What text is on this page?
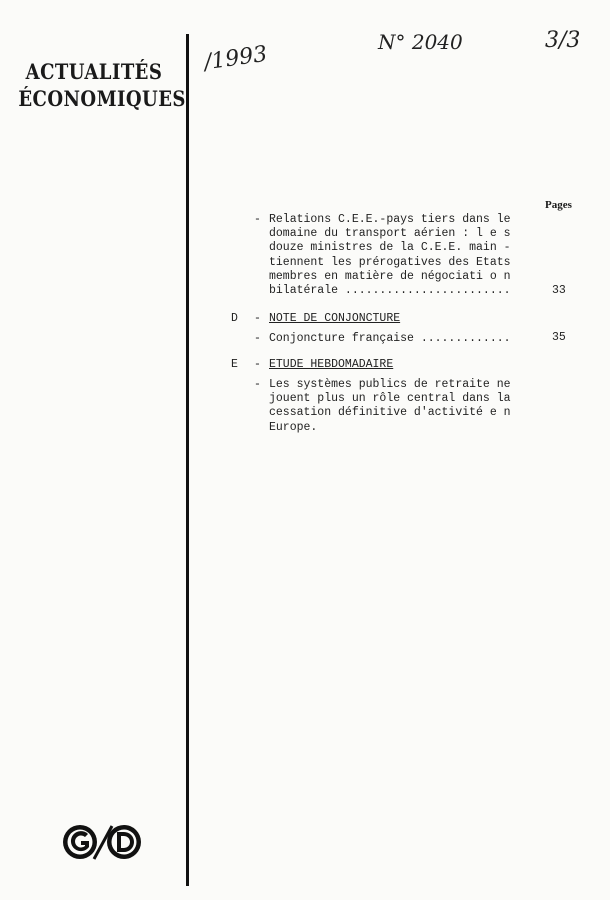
ACTUALITÉS
ÉCONOMIQUES
/1993	N° 2040	3/3
Pages
- Relations C.E.E.-pays tiers dans le
domaine du transport aérien : l e s
douze ministres de la C.E.E. main -
tiennent les prérogatives des Etats
membres en matière de négociati o n
bilatérale ........................	33
D - NOTE DE CONJONCTURE
- Conjoncture française .............	35
E - ETUDE HEBDOMADAIRE
- Les systèmes publics de retraite ne
jouent plus un rôle central dans la
cessation définitive d'activité e n
Europe.
